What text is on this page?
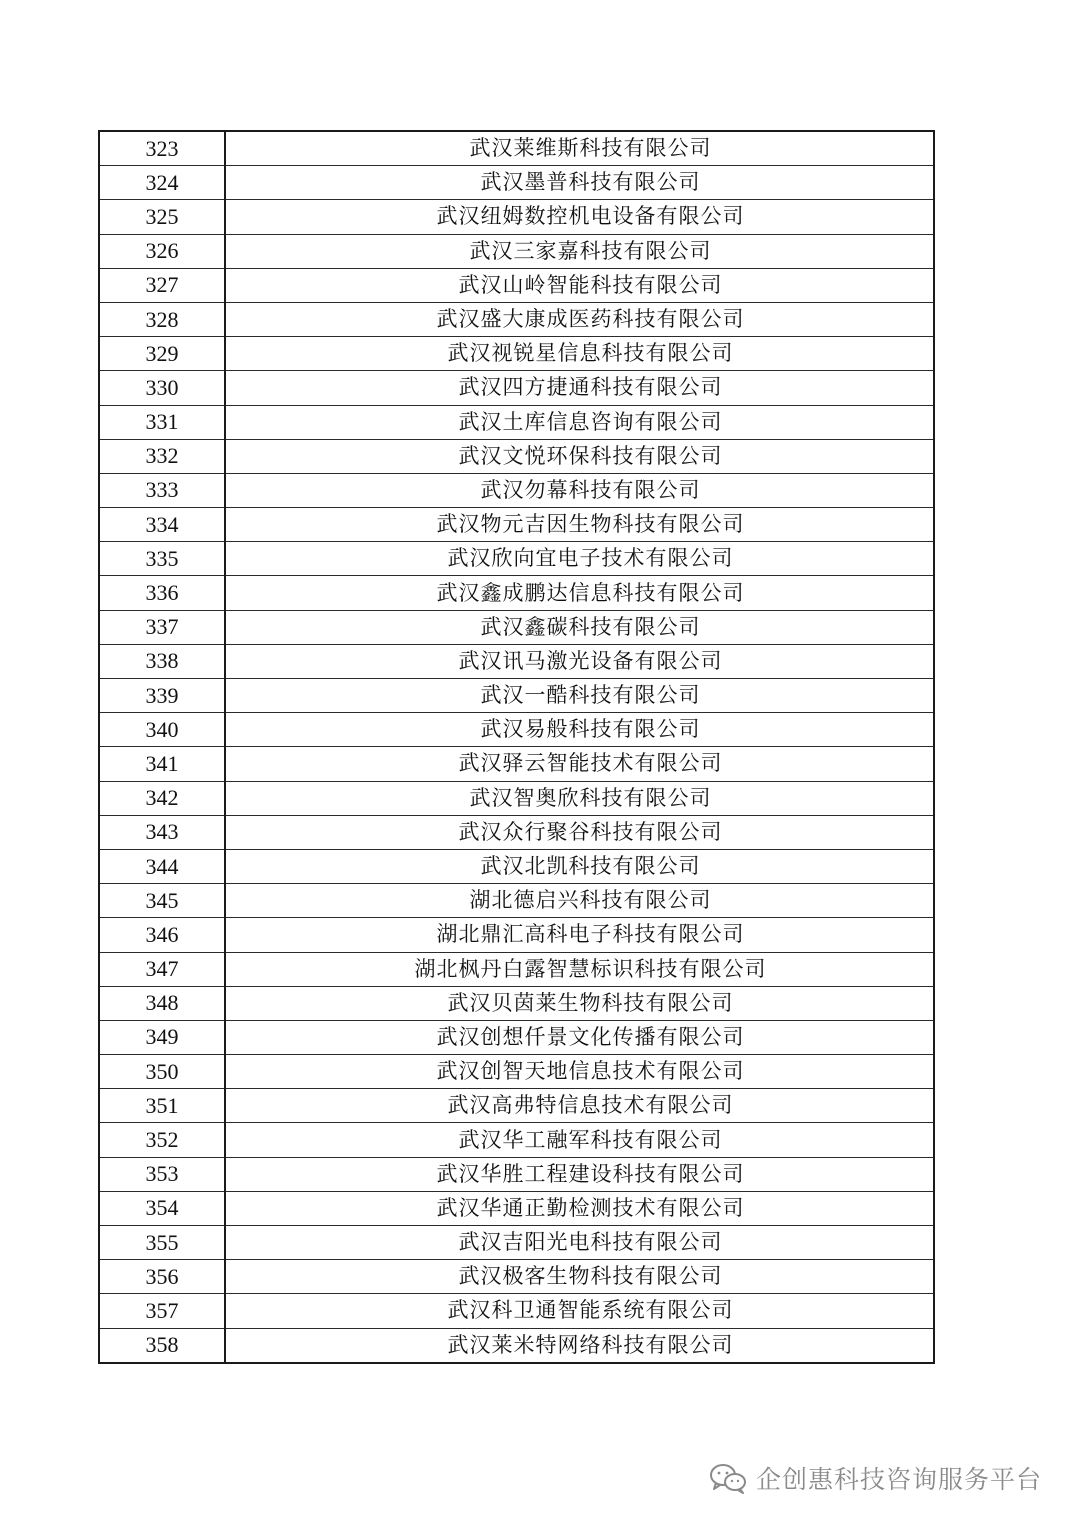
323	武汉莱维斯科技有限公司
324	武汉墨普科技有限公司
325	武汉纽姆数控机电设备有限公司
326	武汉三家嘉科技有限公司
327	武汉山岭智能科技有限公司
328	武汉盛大康成医药科技有限公司
329	武汉视锐星信息科技有限公司
330	武汉四方捷通科技有限公司
331	武汉土库信息咨询有限公司
332	武汉文悦环保科技有限公司
333	武汉勿幕科技有限公司
334	武汉物元吉因生物科技有限公司
335	武汉欣向宜电子技术有限公司
336	武汉鑫成鹏达信息科技有限公司
337	武汉鑫碳科技有限公司
338	武汉讯马激光设备有限公司
339	武汉一酷科技有限公司
340	武汉易般科技有限公司
341	武汉驿云智能技术有限公司
342	武汉智奥欣科技有限公司
343	武汉众行聚谷科技有限公司
344	武汉北凯科技有限公司
345	湖北德启兴科技有限公司
346	湖北鼎汇高科电子科技有限公司
347	湖北枫丹白露智慧标识科技有限公司
348	武汉贝茵莱生物科技有限公司
349	武汉创想仟景文化传播有限公司
350	武汉创智天地信息技术有限公司
351	武汉高弗特信息技术有限公司
352	武汉华工融军科技有限公司
353	武汉华胜工程建设科技有限公司
354	武汉华通正勤检测技术有限公司
355	武汉吉阳光电科技有限公司
356	武汉极客生物科技有限公司
357	武汉科卫通智能系统有限公司
358	武汉莱米特网络科技有限公司
企创惠科技咨询服务平台
